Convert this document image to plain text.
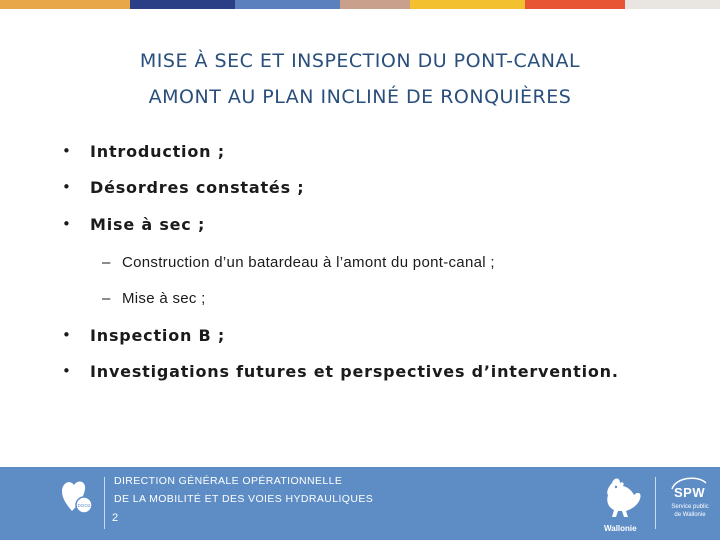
MISE À SEC ET INSPECTION DU PONT-CANAL
AMONT AU PLAN INCLINÉ DE RONQUIÈRES
• Introduction ;
• Désordres constatés ;
• Mise à sec ;
– Construction d’un batardeau à l’amont du pont-canal ;
– Mise à sec ;
• Inspection B ;
• Investigations futures et perspectives d’intervention.
DGO2
DIRECTION GÉNÉRALE OPÉRATIONNELLE
DE LA MOBILITÉ ET DES VOIES HYDRAULIQUES
2
Wallonie
SPW
Service public
de Wallonie
